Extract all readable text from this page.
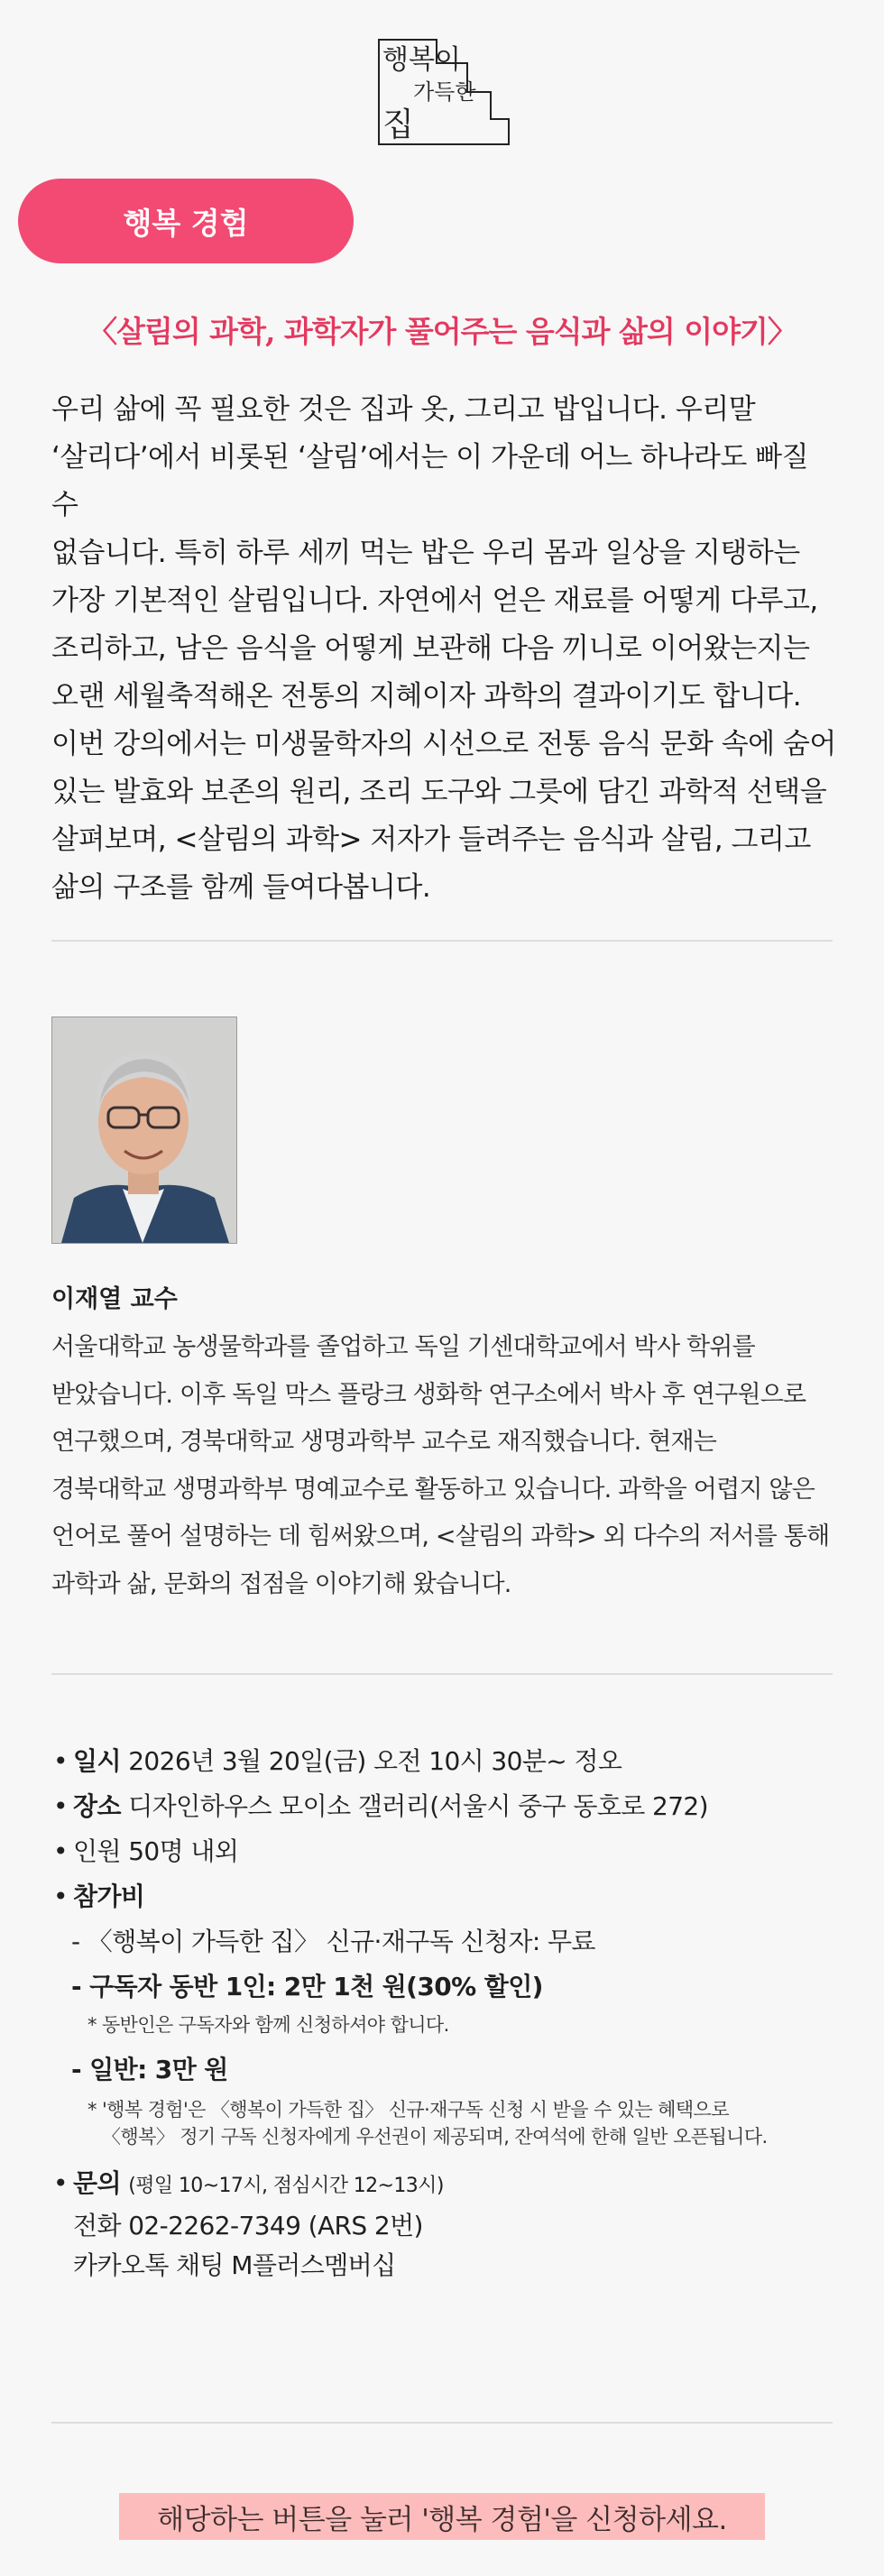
행복이
가득한
집
행복 경험
〈살림의 과학, 과학자가 풀어주는 음식과 삶의 이야기〉

우리 삶에 꼭 필요한 것은 집과 옷, 그리고 밥입니다. 우리말
‘살리다’에서 비롯된 ‘살림’에서는 이 가운데 어느 하나라도 빠질 수
없습니다. 특히 하루 세끼 먹는 밥은 우리 몸과 일상을 지탱하는
가장 기본적인 살림입니다. 자연에서 얻은 재료를 어떻게 다루고,
조리하고, 남은 음식을 어떻게 보관해 다음 끼니로 이어왔는지는
오랜 세월축적해온 전통의 지혜이자 과학의 결과이기도 합니다.
이번 강의에서는 미생물학자의 시선으로 전통 음식 문화 속에 숨어
있는 발효와 보존의 원리, 조리 도구와 그릇에 담긴 과학적 선택을
살펴보며, <살림의 과학> 저자가 들려주는 음식과 살림, 그리고
삶의 구조를 함께 들여다봅니다.

이재열 교수

서울대학교 농생물학과를 졸업하고 독일 기센대학교에서 박사 학위를
받았습니다. 이후 독일 막스 플랑크 생화학 연구소에서 박사 후 연구원으로
연구했으며, 경북대학교 생명과학부 교수로 재직했습니다. 현재는
경북대학교 생명과학부 명예교수로 활동하고 있습니다. 과학을 어렵지 않은
언어로 풀어 설명하는 데 힘써왔으며, <살림의 과학> 외 다수의 저서를 통해
과학과 삶, 문화의 접점을 이야기해 왔습니다.

• 일시 2026년 3월 20일(금) 오전 10시 30분~ 정오
• 장소 디자인하우스 모이소 갤러리(서울시 중구 동호로 272)
• 인원 50명 내외
• 참가비
- 〈행복이 가득한 집〉 신규·재구독 신청자: 무료
- 구독자 동반 1인: 2만 1천 원(30% 할인)
* 동반인은 구독자와 함께 신청하셔야 합니다.
- 일반: 3만 원
* '행복 경험'은 〈행복이 가득한 집〉 신규·재구독 신청 시 받을 수 있는 혜택으로
〈행복〉 정기 구독 신청자에게 우선권이 제공되며, 잔여석에 한해 일반 오픈됩니다.
• 문의 (평일 10~17시, 점심시간 12~13시)
전화 02-2262-7349 (ARS 2번)
카카오톡 채팅 M플러스멤버십
해당하는 버튼을 눌러 '행복 경험'을 신청하세요.
